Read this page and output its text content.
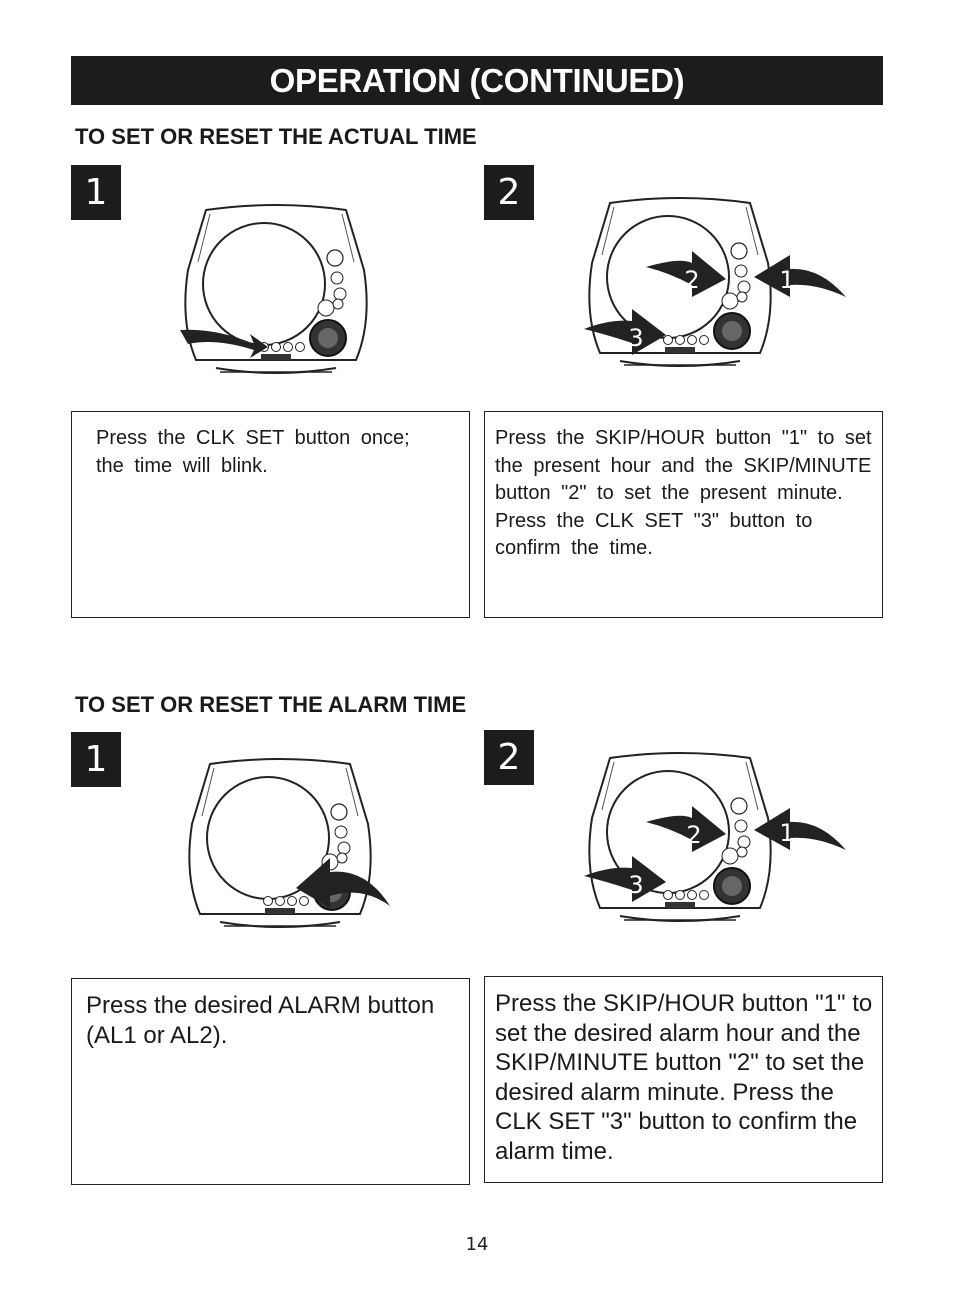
OPERATION (CONTINUED)
TO SET OR RESET THE ACTUAL TIME
1	2
2	1
3
Press the CLK SET button once; the time will blink.
Press the SKIP/HOUR button "1" to set the present hour and the SKIP/MINUTE button "2" to set the present minute. Press the CLK SET "3" button to confirm the time.
TO SET OR RESET THE ALARM TIME
1	2
2	1
3
Press the desired ALARM button (AL1 or AL2).
Press the SKIP/HOUR button "1" to set the desired alarm hour and the SKIP/MINUTE button "2" to set the desired alarm minute. Press the CLK SET "3" button to confirm the alarm time.
14
